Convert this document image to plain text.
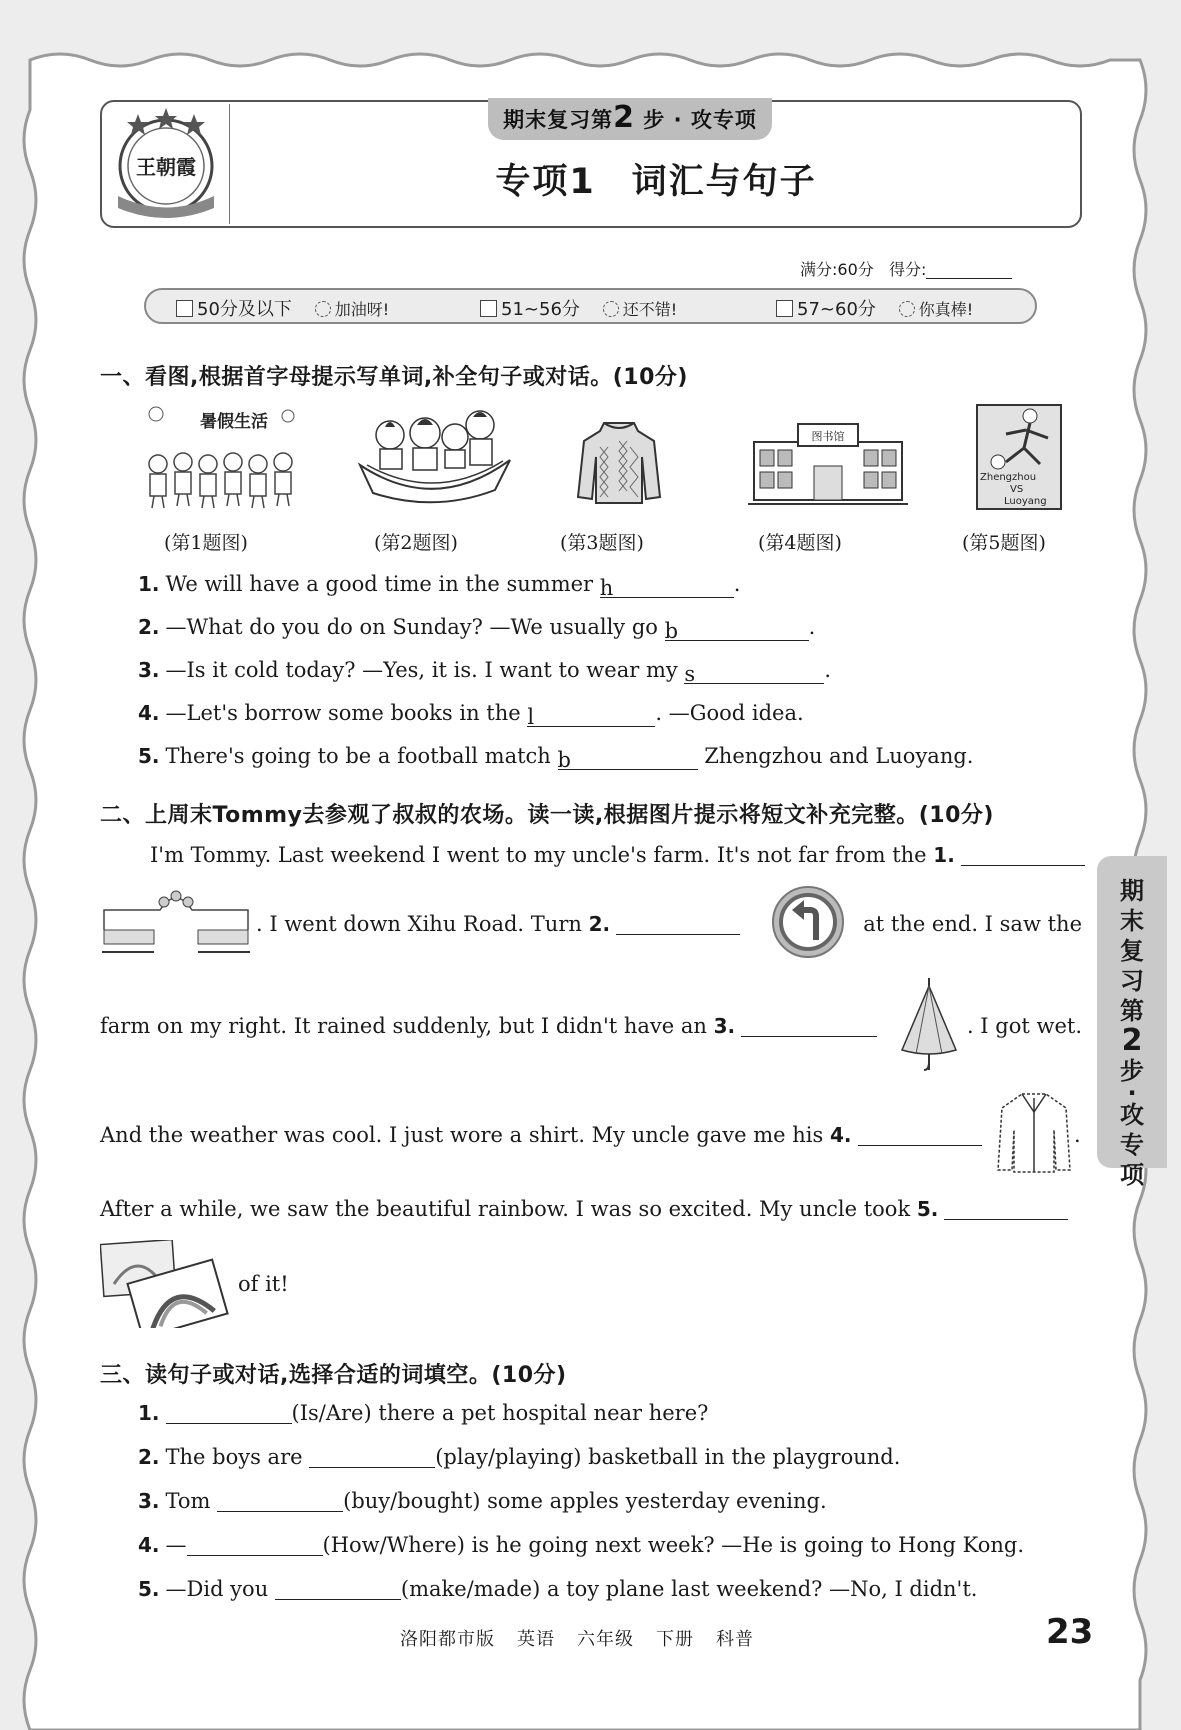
王朝霞
期末复习第2 步 · 攻专项
专项1 词汇与句子
满分:60分 得分:
50分及以下	加油呀!	51~56分	还不错!	57~60分	你真棒!
一、看图,根据首字母提示写单词,补全句子或对话。(10分)
暑假生活
图书馆
Zhengzhou
VS
Luoyang
(第1题图)	(第2题图)	(第3题图)	(第4题图)	(第5题图)
1. We will have a good time in the summer h	.
2. —What do you do on Sunday? —We usually go b	.
3. —Is it cold today? —Yes, it is. I want to wear my s	.
4. —Let's borrow some books in the l	. —Good idea.
5. There's going to be a football match b	Zhengzhou and Luoyang.
二、上周末Tommy去参观了叔叔的农场。读一读,根据图片提示将短文补充完整。(10分)
I'm Tommy. Last weekend I went to my uncle's farm. It's not far from the 1.
. I went down Xihu Road. Turn 2.	at the end. I saw the
farm on my right. It rained suddenly, but I didn't have an 3.	. I got wet.
And the weather was cool. I just wore a shirt. My uncle gave me his 4.	.
After a while, we saw the beautiful rainbow. I was so excited. My uncle took 5.
of it!
三、读句子或对话,选择合适的词填空。(10分)
1.	(Is/Are) there a pet hospital near here?
2. The boys are	(play/playing) basketball in the playground.
3. Tom	(buy/bought) some apples yesterday evening.
4. —	(How/Where) is he going next week? —He is going to Hong Kong.
5. —Did you	(make/made) a toy plane last weekend? —No, I didn't.
期
末
复
习
第
2
步
·
攻
专
项
洛阳都市版 英语 六年级 下册 科普	23
